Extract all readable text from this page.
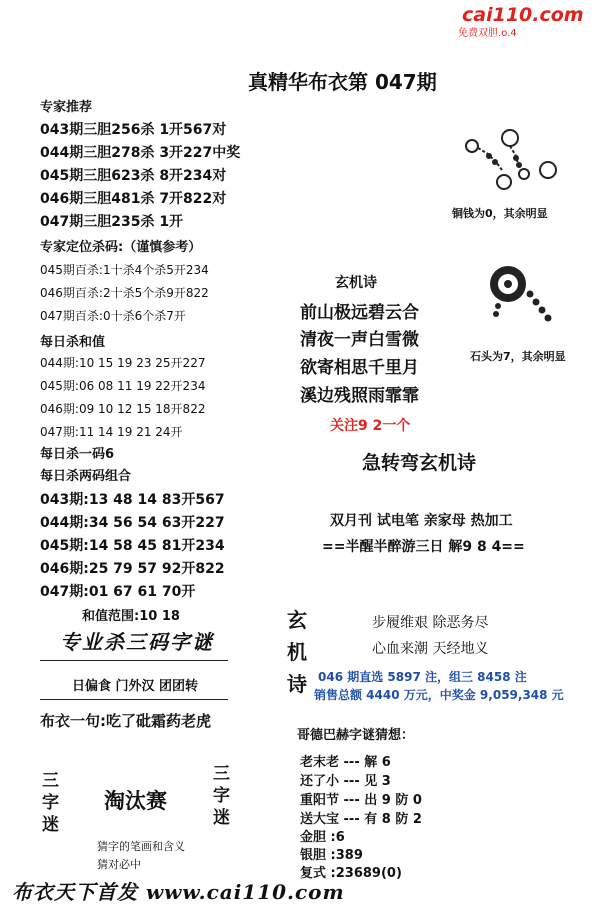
cai110.com
免费双胆.o.4
真精华布衣第 047期
专家推荐
043期三胆256杀 1开567对
044期三胆278杀 3开227中奖
045期三胆623杀 8开234对
046期三胆481杀 7开822对
047期三胆235杀 1开
专家定位杀码:（谨慎参考）
045期百杀:1十杀4个杀5开234
046期百杀:2十杀5个杀9开822
047期百杀:0十杀6个杀7开
每日杀和值
044期:10 15 19 23 25开227
045期:06 08 11 19 22开234
046期:09 10 12 15 18开822
047期:11 14 19 21 24开
每日杀一码6
每日杀两码组合
043期:13 48 14 83开567
044期:34 56 54 63开227
045期:14 58 45 81开234
046期:25 79 57 92开822
047期:01 67 61 70开
和值范围:10 18
专业杀三码字谜
日偏食 门外汉 团团转
布衣一句:吃了砒霜药老虎
三字迷
淘汰赛
三字迷
猜字的笔画和含义
猜对必中
布衣天下首发 www.cai110.com
铜钱为0，其余明显
石头为7，其余明显
玄机诗
前山极远碧云合
清夜一声白雪微
欲寄相思千里月
溪边残照雨霏霏
关注9 2一个
急转弯玄机诗
双月刊 试电笔 亲家母 热加工
==半醒半醉游三日 解9 8 4==
玄机诗
步履维艰 除恶务尽
心血来潮 天经地义
046 期直选 5897 注，组三 8458 注
销售总额 4440 万元，中奖金 9,059,348 元
哥德巴赫字谜猜想：
老末老 --- 解 6
还了小 --- 见 3
重阳节 --- 出 9 防 0
送大宝 --- 有 8 防 2
金胆 :6
银胆 :389
复式 :23689(0)
